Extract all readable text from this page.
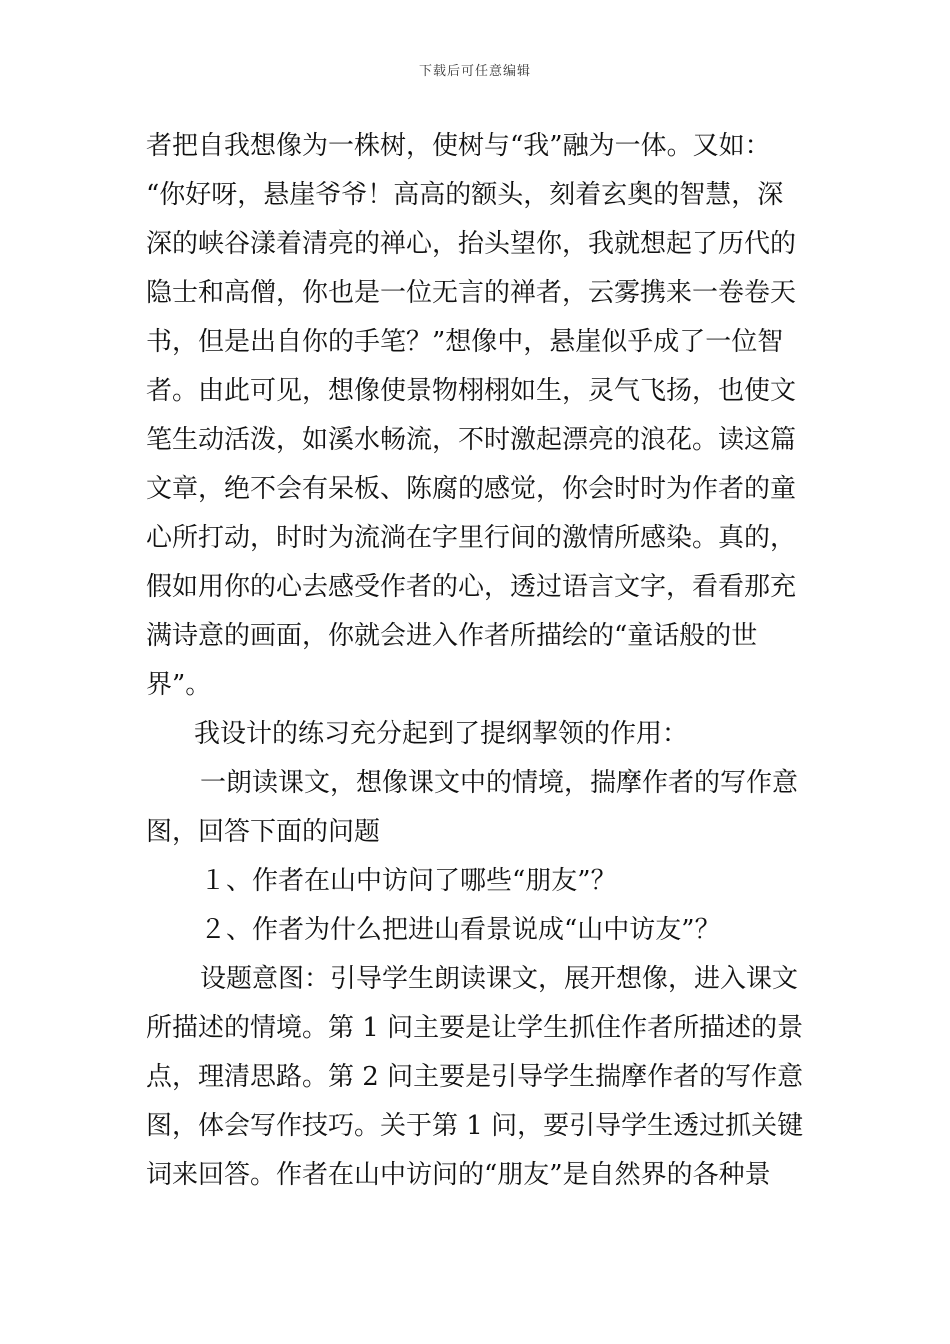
下载后可任意编辑
者把自我想像为一株树，使树与“我”融为一体。又如：
“你好呀，悬崖爷爷！高高的额头，刻着玄奥的智慧，深
深的峡谷漾着清亮的禅心，抬头望你，我就想起了历代的
隐士和高僧，你也是一位无言的禅者，云雾携来一卷卷天
书，但是出自你的手笔？”想像中，悬崖似乎成了一位智
者。由此可见，想像使景物栩栩如生，灵气飞扬，也使文
笔生动活泼，如溪水畅流，不时激起漂亮的浪花。读这篇
文章，绝不会有呆板、陈腐的感觉，你会时时为作者的童
心所打动，时时为流淌在字里行间的激情所感染。真的，
假如用你的心去感受作者的心，透过语言文字，看看那充
满诗意的画面，你就会进入作者所描绘的“童话般的世
界”。
我设计的练习充分起到了提纲挈领的作用：
一朗读课文，想像课文中的情境，揣摩作者的写作意
图，回答下面的问题
１、作者在山中访问了哪些“朋友”？
２、作者为什么把进山看景说成“山中访友”？
设题意图：引导学生朗读课文，展开想像，进入课文
所描述的情境。第 1 问主要是让学生抓住作者所描述的景
点，理清思路。第 2 问主要是引导学生揣摩作者的写作意
图，体会写作技巧。关于第 1 问，要引导学生透过抓关键
词来回答。作者在山中访问的“朋友”是自然界的各种景
